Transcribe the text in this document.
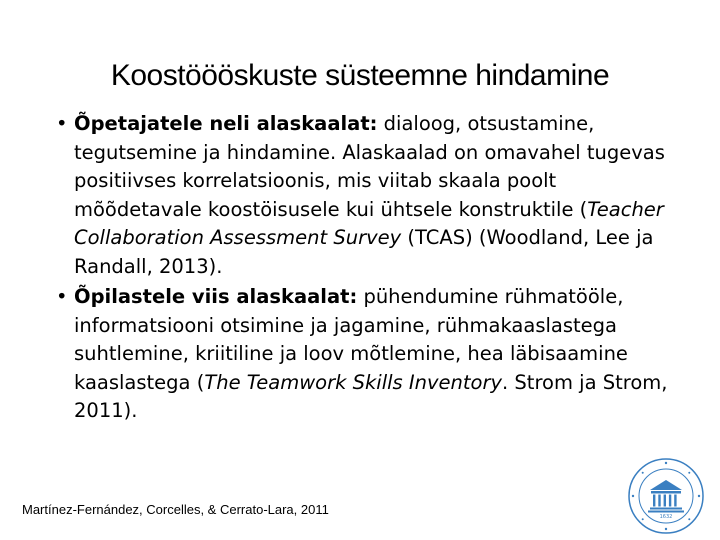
Koostöööskuste süsteemne hindamine
• Õpetajatele neli alaskaalat: dialoog, otsustamine, tegutsemine ja hindamine. Alaskaalad on omavahel tugevas positiivses korrelatsioonis, mis viitab skaala poolt mõõdetavale koostöisusele kui ühtsele konstruktile (Teacher Collaboration Assessment Survey (TCAS) (Woodland, Lee ja Randall, 2013).
• Õpilastele viis alaskaalat: pühendumine rühmatööle, informatsiooni otsimine ja jagamine, rühmakaaslastega suhtlemine, kriitiline ja loov mõtlemine, hea läbisaamine kaaslastega (The Teamwork Skills Inventory. Strom ja Strom, 2011).
Martínez-Fernández, Corcelles, & Cerrato-Lara, 2011	1632
